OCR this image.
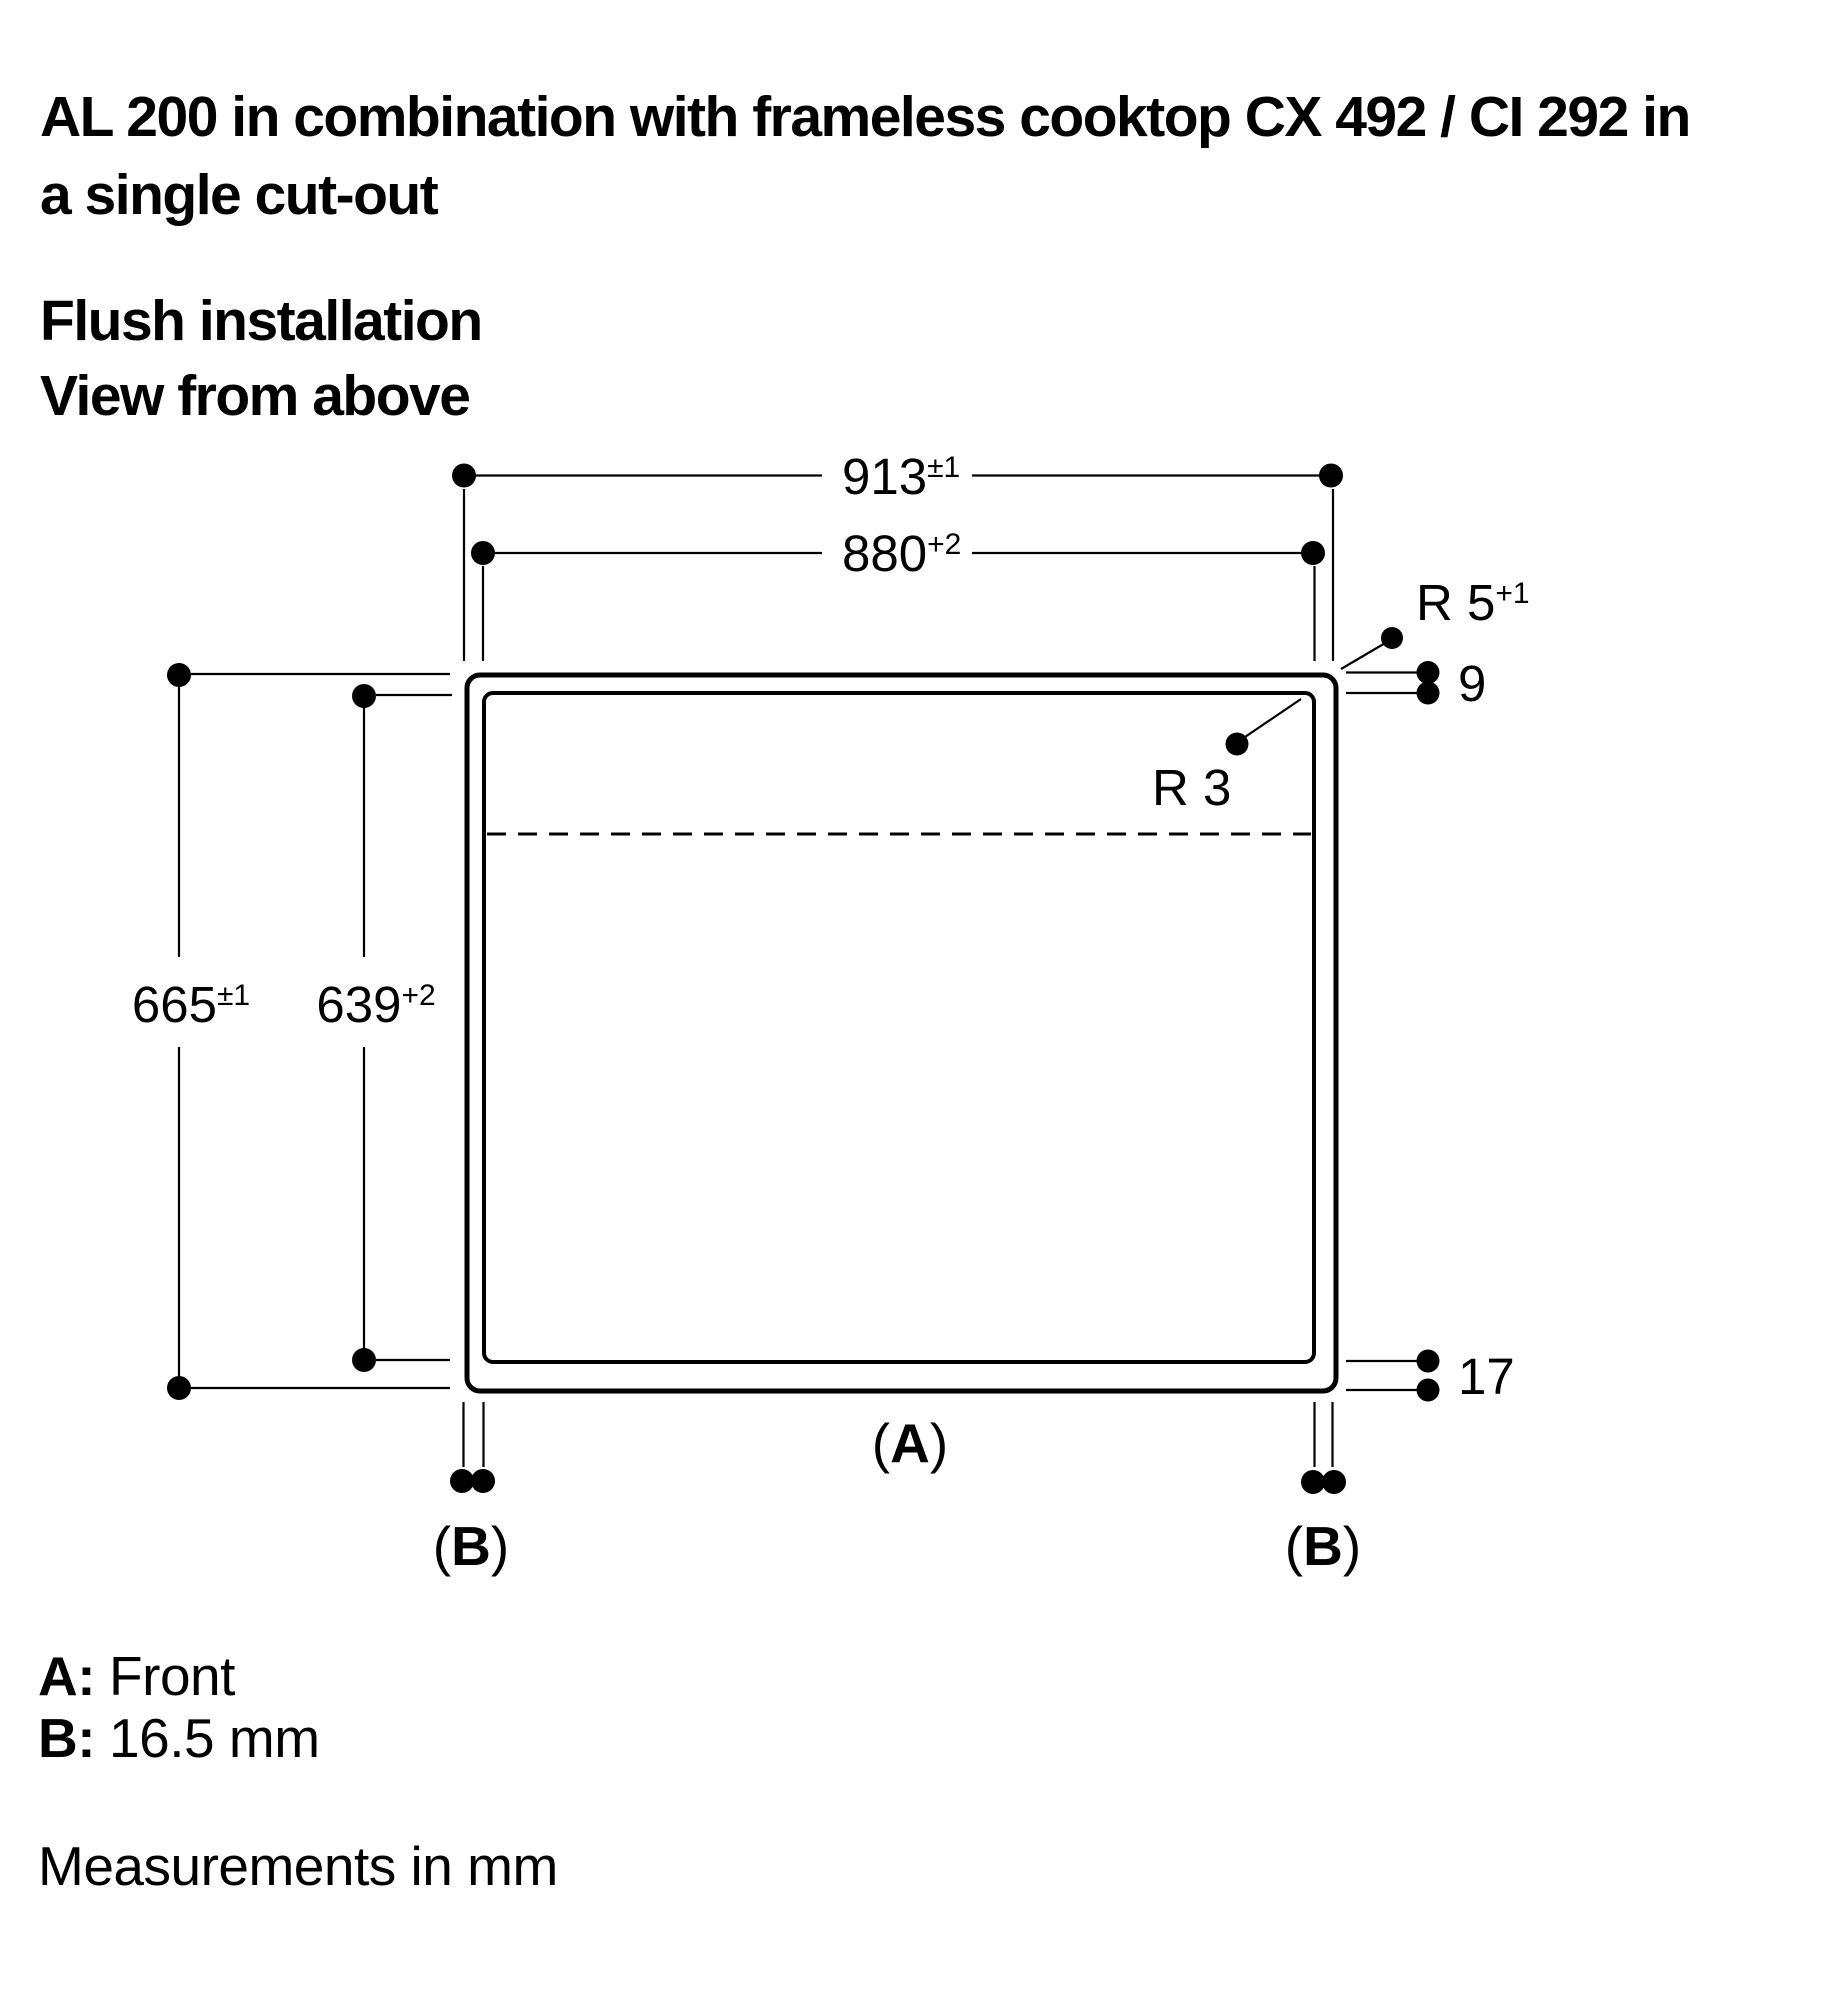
AL 200 in combination with frameless cooktop CX 492 / CI 292 in
a single cut-out
Flush installation
View from above
$913^{\pm 1}$
$880^{+2}$
$665^{\pm 1}$ $639^{+2}$
R $5^{+1}$
9
R 3
17
(A)
(B)	(B)
A: Front
B: 16.5 mm
Measurements in mm
